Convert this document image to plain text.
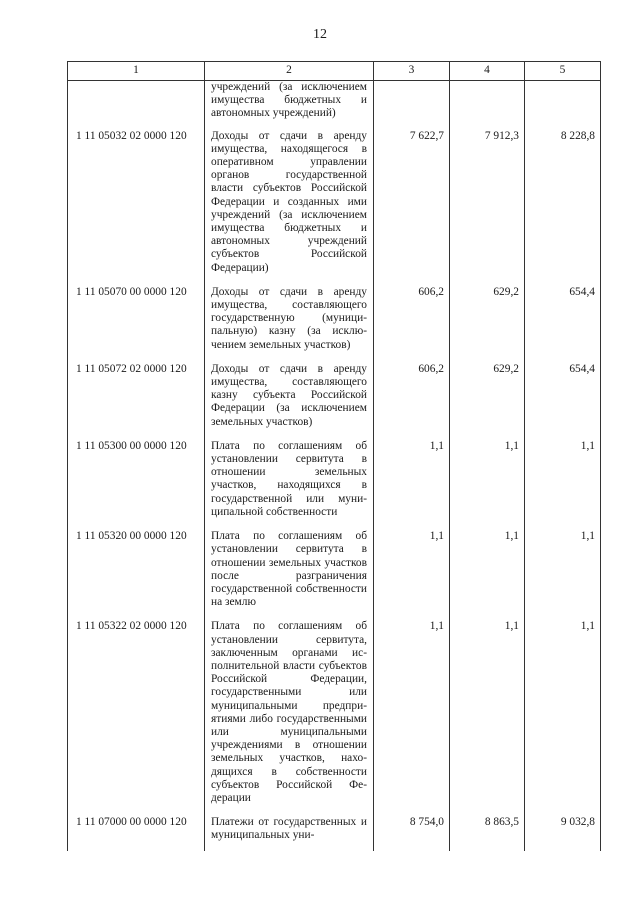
12
1	2	3	4	5
	учреждений (за исключением имущества бюджетных и автономных учреждений)			
1 11 05032 02 0000 120	Доходы от сдачи в аренду имущества, находящегося в оперативном управлении органов государственной власти субъектов Российской Федерации и созданных ими учреждений (за исключением имущества бюджетных и автономных учреждений субъектов Российской Федерации)	7 622,7	7 912,3	8 228,8
1 11 05070 00 0000 120	Доходы от сдачи в аренду имущества, составляющего государственную (муниципальную) казну (за исключением земельных участков)	606,2	629,2	654,4
1 11 05072 02 0000 120	Доходы от сдачи в аренду имущества, составляющего казну субъекта Российской Федерации (за исключением земельных участков)	606,2	629,2	654,4
1 11 05300 00 0000 120	Плата по соглашениям об установлении сервитута в отношении земельных участков, находящихся в государственной или муниципальной собственности	1,1	1,1	1,1
1 11 05320 00 0000 120	Плата по соглашениям об установлении сервитута в отношении земельных участков после разграничения государственной собственности на землю	1,1	1,1	1,1
1 11 05322 02 0000 120	Плата по соглашениям об установлении сервитута, заключенным органами исполнительной власти субъектов Российской Федерации, государственными или муниципальными предприятиями либо государственными или муниципальными учреждениями в отношении земельных участков, находящихся в собственности субъектов Российской Федерации	1,1	1,1	1,1
1 11 07000 00 0000 120	Платежи от государственных и муниципальных уни-	8 754,0	8 863,5	9 032,8
